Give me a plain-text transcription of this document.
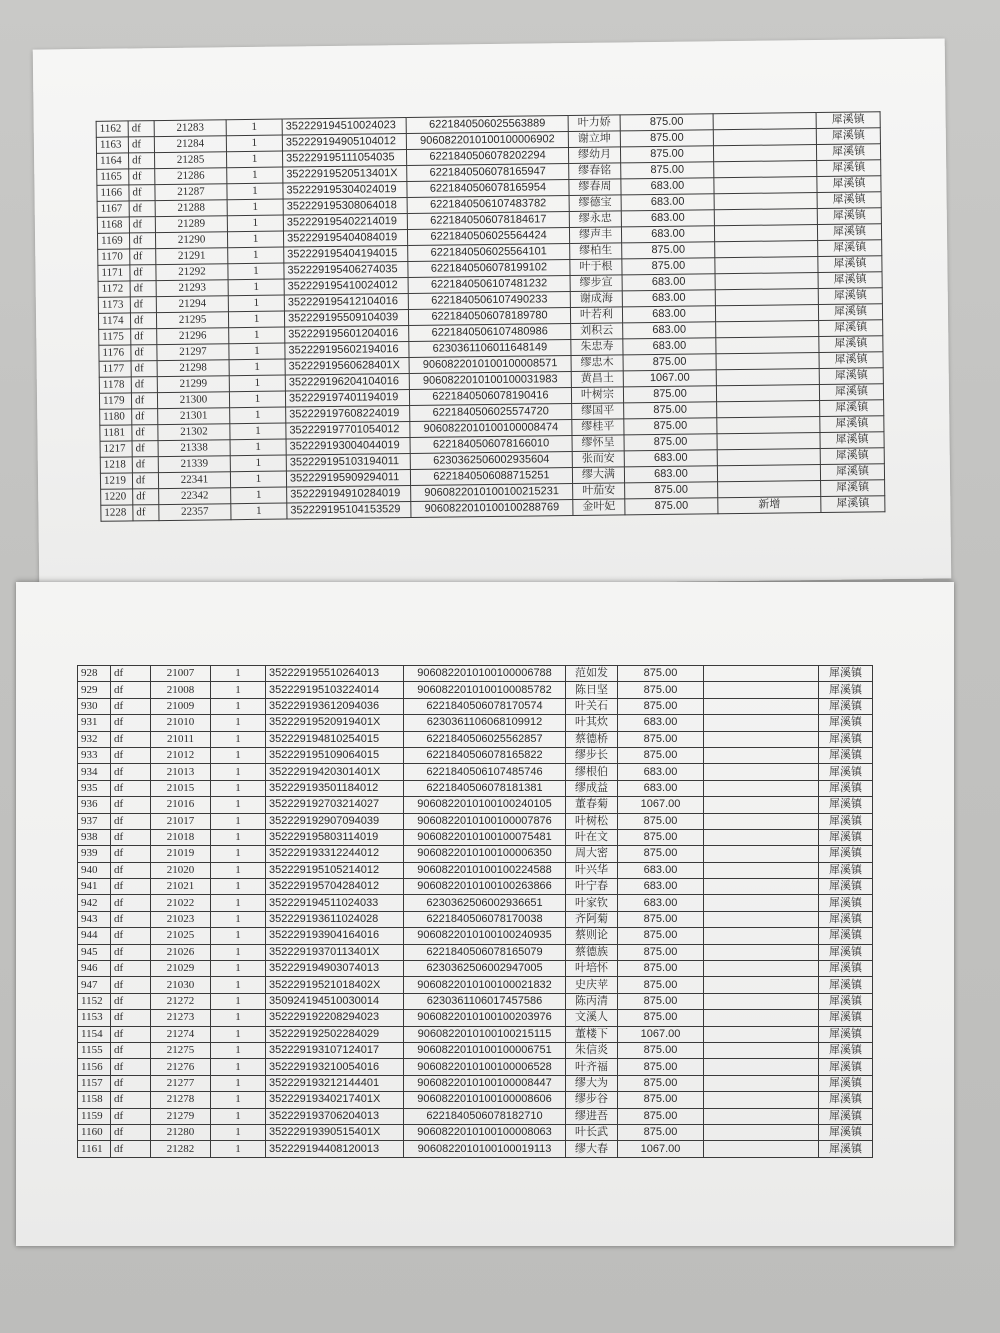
1162	df	21283	1	352229194510024023	6221840506025563889	叶力娇	875.00		犀溪镇
1163	df	21284	1	352229194905104012	9060822010100100006902	谢立坤	875.00		犀溪镇
1164	df	21285	1	352229195111054035	6221840506078202294	缪幼月	875.00		犀溪镇
1165	df	21286	1	35222919520513401X	6221840506078165947	缪春铭	875.00		犀溪镇
1166	df	21287	1	352229195304024019	6221840506078165954	缪春周	683.00		犀溪镇
1167	df	21288	1	352229195308064018	6221840506107483782	缪德宝	683.00		犀溪镇
1168	df	21289	1	352229195402214019	6221840506078184617	缪永忠	683.00		犀溪镇
1169	df	21290	1	352229195404084019	6221840506025564424	缪声丰	683.00		犀溪镇
1170	df	21291	1	352229195404194015	6221840506025564101	缪柏生	875.00		犀溪镇
1171	df	21292	1	352229195406274035	6221840506078199102	叶于根	875.00		犀溪镇
1172	df	21293	1	352229195410024012	6221840506107481232	缪步宣	683.00		犀溪镇
1173	df	21294	1	352229195412104016	6221840506107490233	谢成海	683.00		犀溪镇
1174	df	21295	1	352229195509104039	6221840506078189780	叶若利	683.00		犀溪镇
1175	df	21296	1	352229195601204016	6221840506107480986	刘积云	683.00		犀溪镇
1176	df	21297	1	352229195602194016	6230361106011648149	朱忠寿	683.00		犀溪镇
1177	df	21298	1	35222919560628401X	9060822010100100008571	缪忠木	875.00		犀溪镇
1178	df	21299	1	352229196204104016	9060822010100100031983	黄昌土	1067.00		犀溪镇
1179	df	21300	1	352229197401194019	6221840506078190416	叶树宗	875.00		犀溪镇
1180	df	21301	1	352229197608224019	6221840506025574720	缪国平	875.00		犀溪镇
1181	df	21302	1	352229197701054012	9060822010100100008474	缪桂平	875.00		犀溪镇
1217	df	21338	1	352229193004044019	6221840506078166010	缪怀呈	875.00		犀溪镇
1218	df	21339	1	352229195103194011	6230362506002935604	张而安	683.00		犀溪镇
1219	df	22341	1	352229195909294011	6221840506088715251	缪大满	683.00		犀溪镇
1220	df	22342	1	352229194910284019	9060822010100100215231	叶茄安	875.00		犀溪镇
1228	df	22357	1	352229195104153529	9060822010100100288769	金叶妃	875.00	新增	犀溪镇
928	df	21007	1	352229195510264013	9060822010100100006788	范如发	875.00		犀溪镇
929	df	21008	1	352229195103224014	9060822010100100085782	陈日坚	875.00		犀溪镇
930	df	21009	1	352229193612094036	6221840506078170574	叶关石	875.00		犀溪镇
931	df	21010	1	35222919520919401X	6230361106068109912	叶其炊	683.00		犀溪镇
932	df	21011	1	352229194810254015	6221840506025562857	蔡德桥	875.00		犀溪镇
933	df	21012	1	352229195109064015	6221840506078165822	缪步长	875.00		犀溪镇
934	df	21013	1	35222919420301401X	6221840506107485746	缪根伯	683.00		犀溪镇
935	df	21015	1	352229193501184012	6221840506078181381	缪成益	683.00		犀溪镇
936	df	21016	1	352229192703214027	9060822010100100240105	董春菊	1067.00		犀溪镇
937	df	21017	1	352229192907094039	9060822010100100007876	叶树松	875.00		犀溪镇
938	df	21018	1	352229195803114019	9060822010100100075481	叶在文	875.00		犀溪镇
939	df	21019	1	352229193312244012	9060822010100100006350	周大密	875.00		犀溪镇
940	df	21020	1	352229195105214012	9060822010100100224588	叶兴华	683.00		犀溪镇
941	df	21021	1	352229195704284012	9060822010100100263866	叶宁春	683.00		犀溪镇
942	df	21022	1	352229194511024033	6230362506002936651	叶家钦	683.00		犀溪镇
943	df	21023	1	352229193611024028	6221840506078170038	齐阿菊	875.00		犀溪镇
944	df	21025	1	352229193904164016	9060822010100100240935	蔡则论	875.00		犀溪镇
945	df	21026	1	35222919370113401X	6221840506078165079	蔡德族	875.00		犀溪镇
946	df	21029	1	352229194903074013	6230362506002947005	叶培怀	875.00		犀溪镇
947	df	21030	1	35222919521018402X	9060822010100100021832	史庆苹	875.00		犀溪镇
1152	df	21272	1	350924194510030014	6230361106017457586	陈丙清	875.00		犀溪镇
1153	df	21273	1	352229192208294023	9060822010100100203976	文溪人	875.00		犀溪镇
1154	df	21274	1	352229192502284029	9060822010100100215115	董楼下	1067.00		犀溪镇
1155	df	21275	1	352229193107124017	9060822010100100006751	朱信炎	875.00		犀溪镇
1156	df	21276	1	352229193210054016	9060822010100100006528	叶齐福	875.00		犀溪镇
1157	df	21277	1	352229193212144401	9060822010100100008447	缪大为	875.00		犀溪镇
1158	df	21278	1	35222919340217401X	9060822010100100008606	缪步谷	875.00		犀溪镇
1159	df	21279	1	352229193706204013	6221840506078182710	缪进吾	875.00		犀溪镇
1160	df	21280	1	35222919390515401X	9060822010100100008063	叶长武	875.00		犀溪镇
1161	df	21282	1	352229194408120013	9060822010100100019113	缪大春	1067.00		犀溪镇
